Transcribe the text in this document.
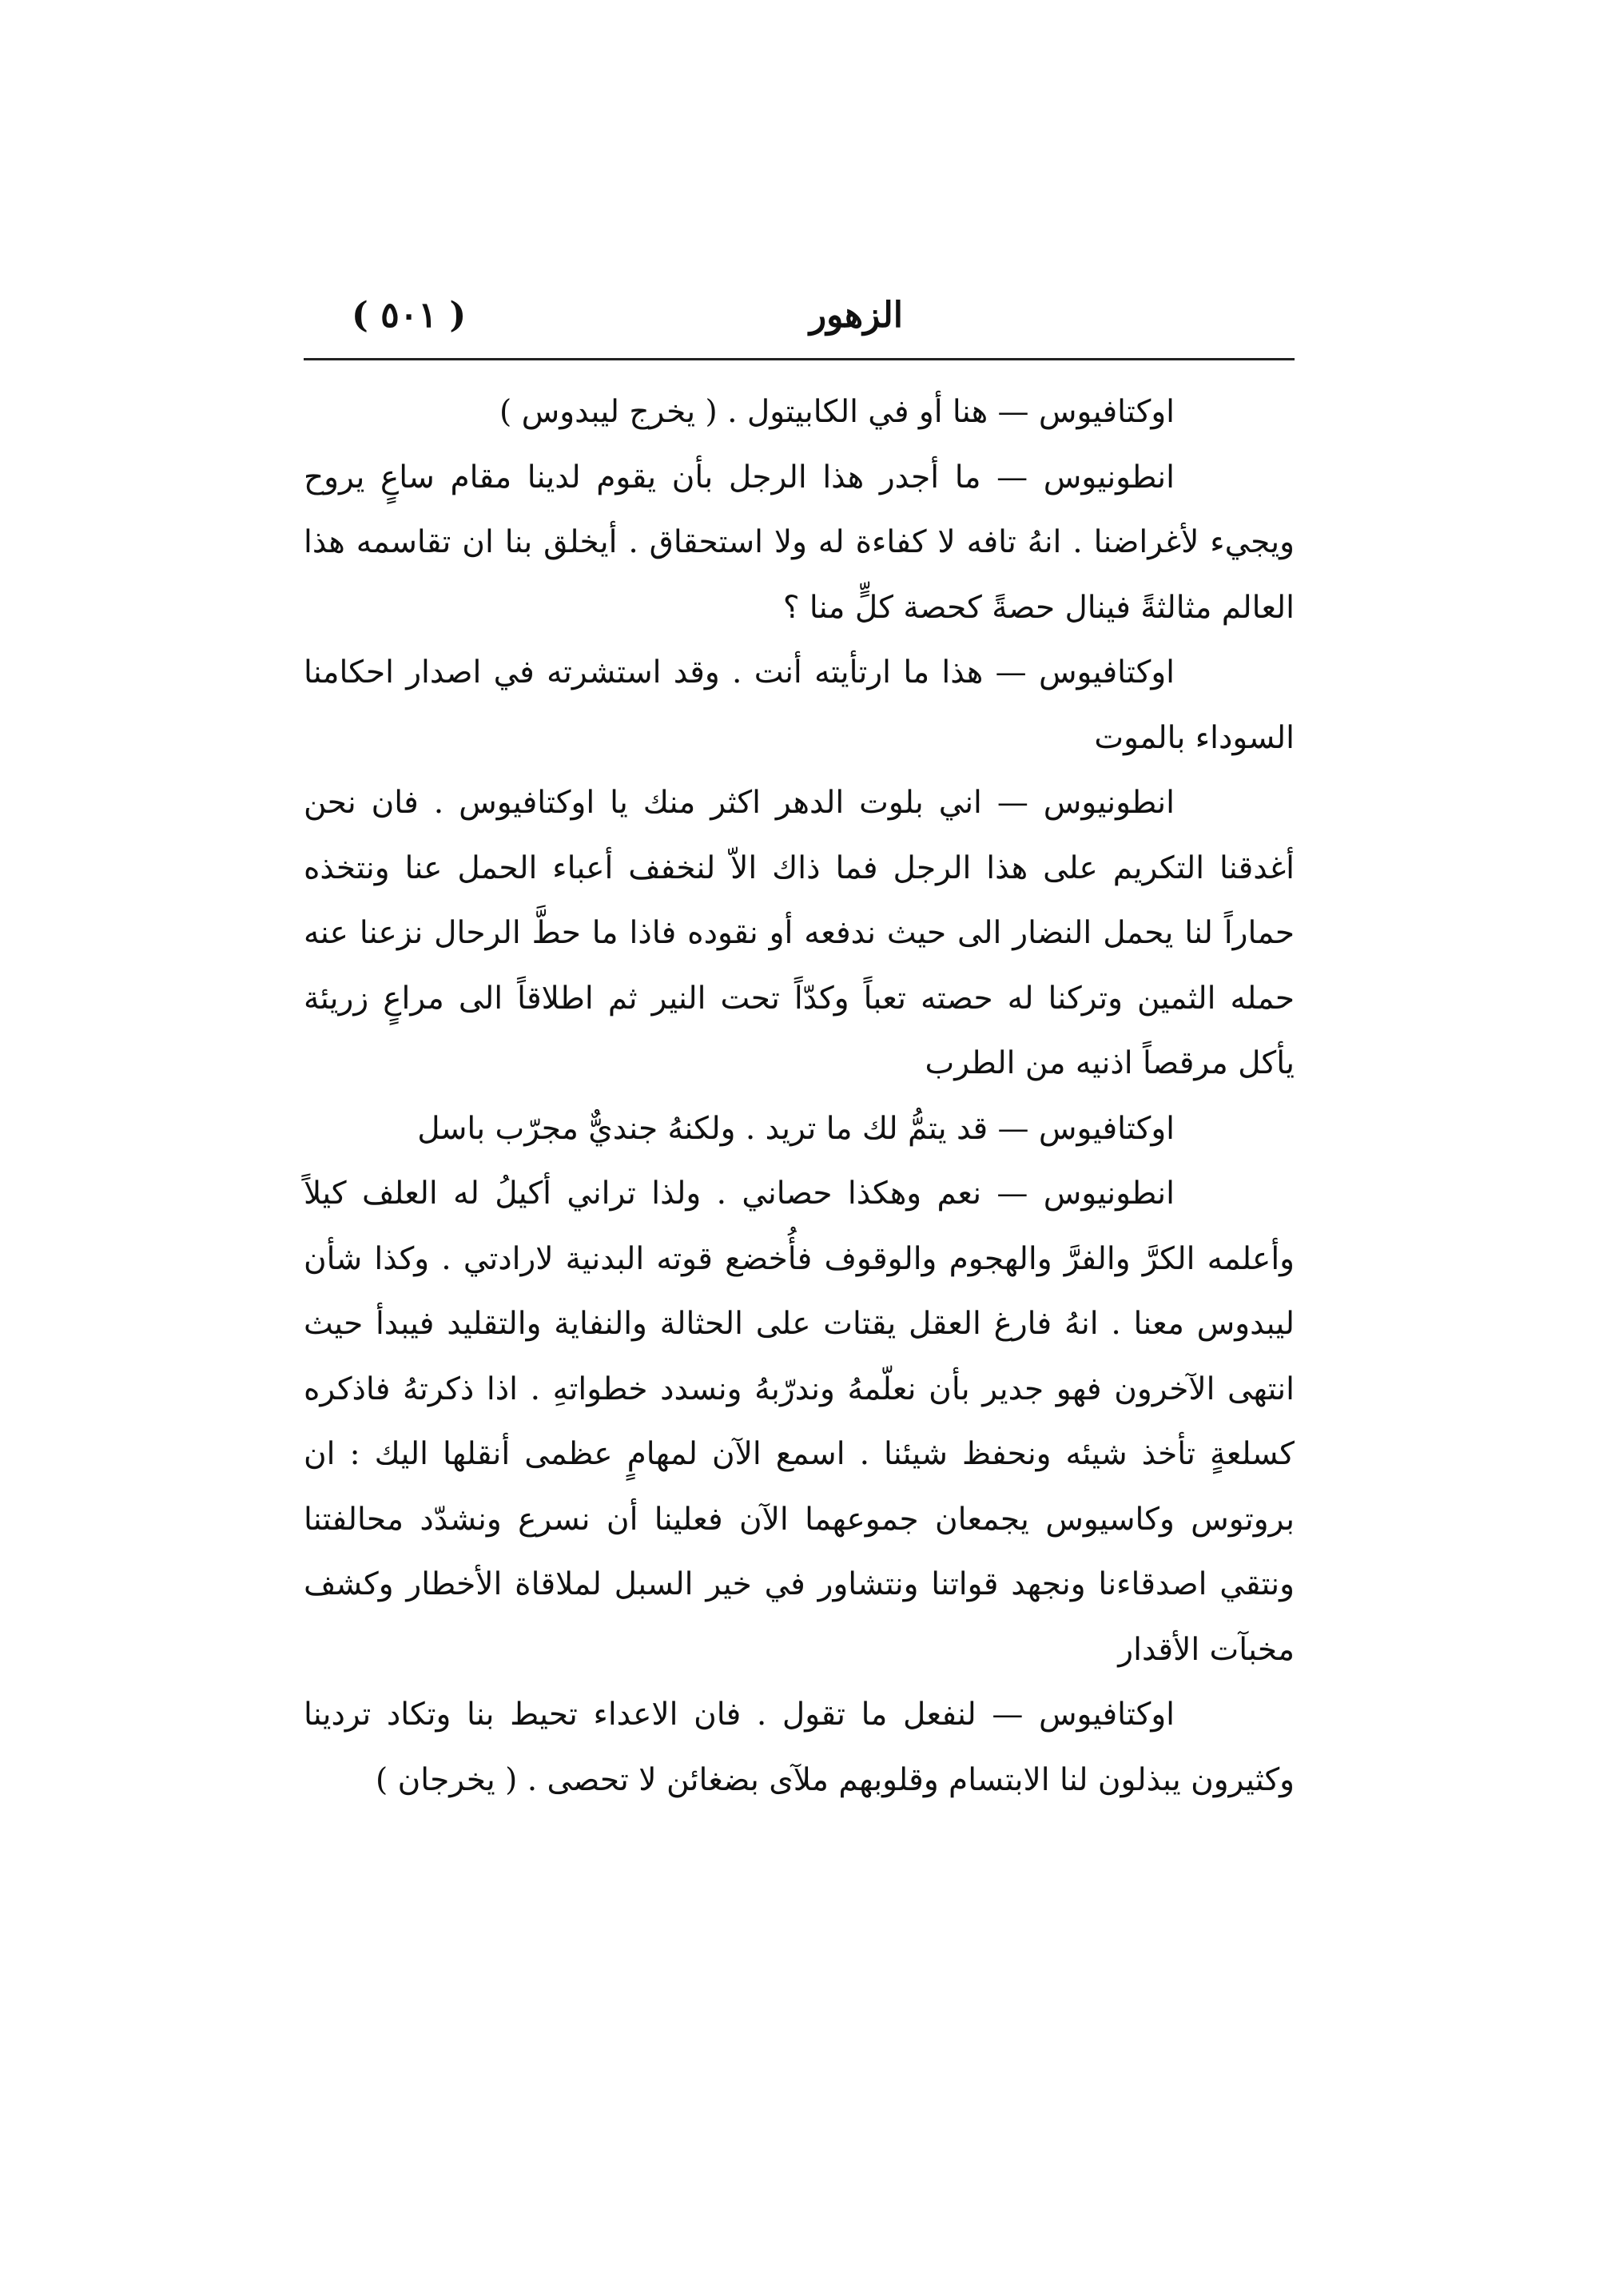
الزهور
( ٥٠١ )

اوكتافيوس — هنا أو في الكابيتول . ( يخرج ليبدوس )

انطونيوس — ما أجدر هذا الرجل بأن يقوم لدينا مقام ساعٍ يروح ويجيء لأغراضنا . انهُ تافه لا كفاءة له ولا استحقاق . أيخلق بنا ان تقاسمه هذا العالم مثالثةً فينال حصةً كحصة كلٍّ منا ؟

اوكتافيوس — هذا ما ارتأيته أنت . وقد استشرته في اصدار احكامنا السوداء بالموت

انطونيوس — اني بلوت الدهر اكثر منك يا اوكتافيوس . فان نحن أغدقنا التكريم على هذا الرجل فما ذاك الاّ لنخفف أعباء الحمل عنا ونتخذه حماراً لنا يحمل النضار الى حيث ندفعه أو نقوده فاذا ما حطَّ الرحال نزعنا عنه حمله الثمين وتركنا له حصته تعباً وكدّاً تحت النير ثم اطلاقاً الى مراعٍ زريئة يأكل مرقصاً اذنيه من الطرب

اوكتافيوس — قد يتمُّ لك ما تريد . ولكنهُ جنديٌّ مجرّب باسل

انطونيوس — نعم وهكذا حصاني . ولذا تراني أكيلُ له العلف كيلاً وأعلمه الكرَّ والفرَّ والهجوم والوقوف فأُخضع قوته البدنية لارادتي . وكذا شأن ليبدوس معنا . انهُ فارغ العقل يقتات على الحثالة والنفاية والتقليد فيبدأ حيث انتهى الآخرون فهو جدير بأن نعلّمهُ وندرّبهُ ونسدد خطواتهِ . اذا ذكرتهُ فاذكره كسلعةٍ تأخذ شيئه ونحفظ شيئنا . اسمع الآن لمهامٍ عظمى أنقلها اليك : ان بروتوس وكاسيوس يجمعان جموعهما الآن فعلينا أن نسرع ونشدّد محالفتنا ونتقي اصدقاءنا ونجهد قواتنا ونتشاور في خير السبل لملاقاة الأخطار وكشف مخبآت الأقدار

اوكتافيوس — لنفعل ما تقول . فان الاعداء تحيط بنا وتكاد تردينا وكثيرون يبذلون لنا الابتسام وقلوبهم ملآى بضغائن لا تحصى . ( يخرجان )
